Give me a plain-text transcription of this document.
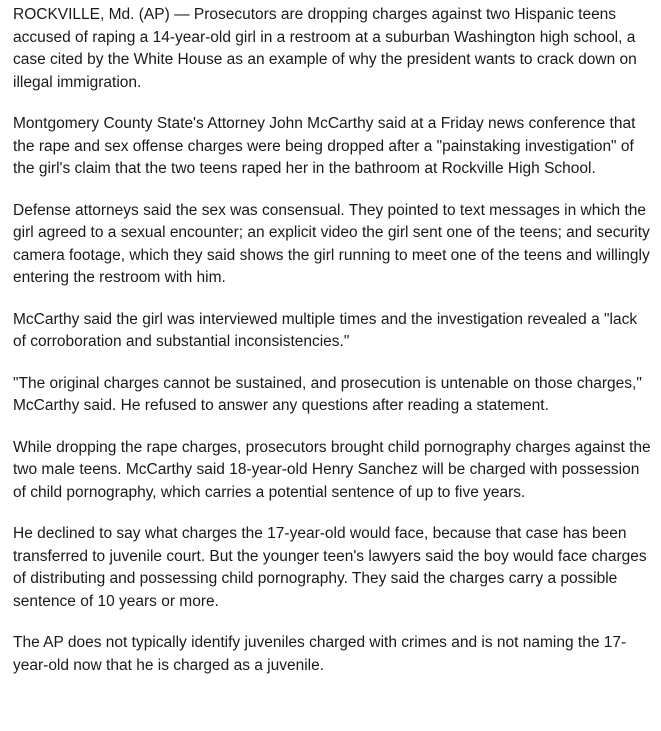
ROCKVILLE, Md. (AP) — Prosecutors are dropping charges against two Hispanic teens accused of raping a 14-year-old girl in a restroom at a suburban Washington high school, a case cited by the White House as an example of why the president wants to crack down on illegal immigration.

Montgomery County State's Attorney John McCarthy said at a Friday news conference that the rape and sex offense charges were being dropped after a "painstaking investigation" of the girl's claim that the two teens raped her in the bathroom at Rockville High School.

Defense attorneys said the sex was consensual. They pointed to text messages in which the girl agreed to a sexual encounter; an explicit video the girl sent one of the teens; and security camera footage, which they said shows the girl running to meet one of the teens and willingly entering the restroom with him.

McCarthy said the girl was interviewed multiple times and the investigation revealed a "lack of corroboration and substantial inconsistencies."

"The original charges cannot be sustained, and prosecution is untenable on those charges," McCarthy said. He refused to answer any questions after reading a statement.

While dropping the rape charges, prosecutors brought child pornography charges against the two male teens. McCarthy said 18-year-old Henry Sanchez will be charged with possession of child pornography, which carries a potential sentence of up to five years.

He declined to say what charges the 17-year-old would face, because that case has been transferred to juvenile court. But the younger teen's lawyers said the boy would face charges of distributing and possessing child pornography. They said the charges carry a possible sentence of 10 years or more.

The AP does not typically identify juveniles charged with crimes and is not naming the 17-year-old now that he is charged as a juvenile.
